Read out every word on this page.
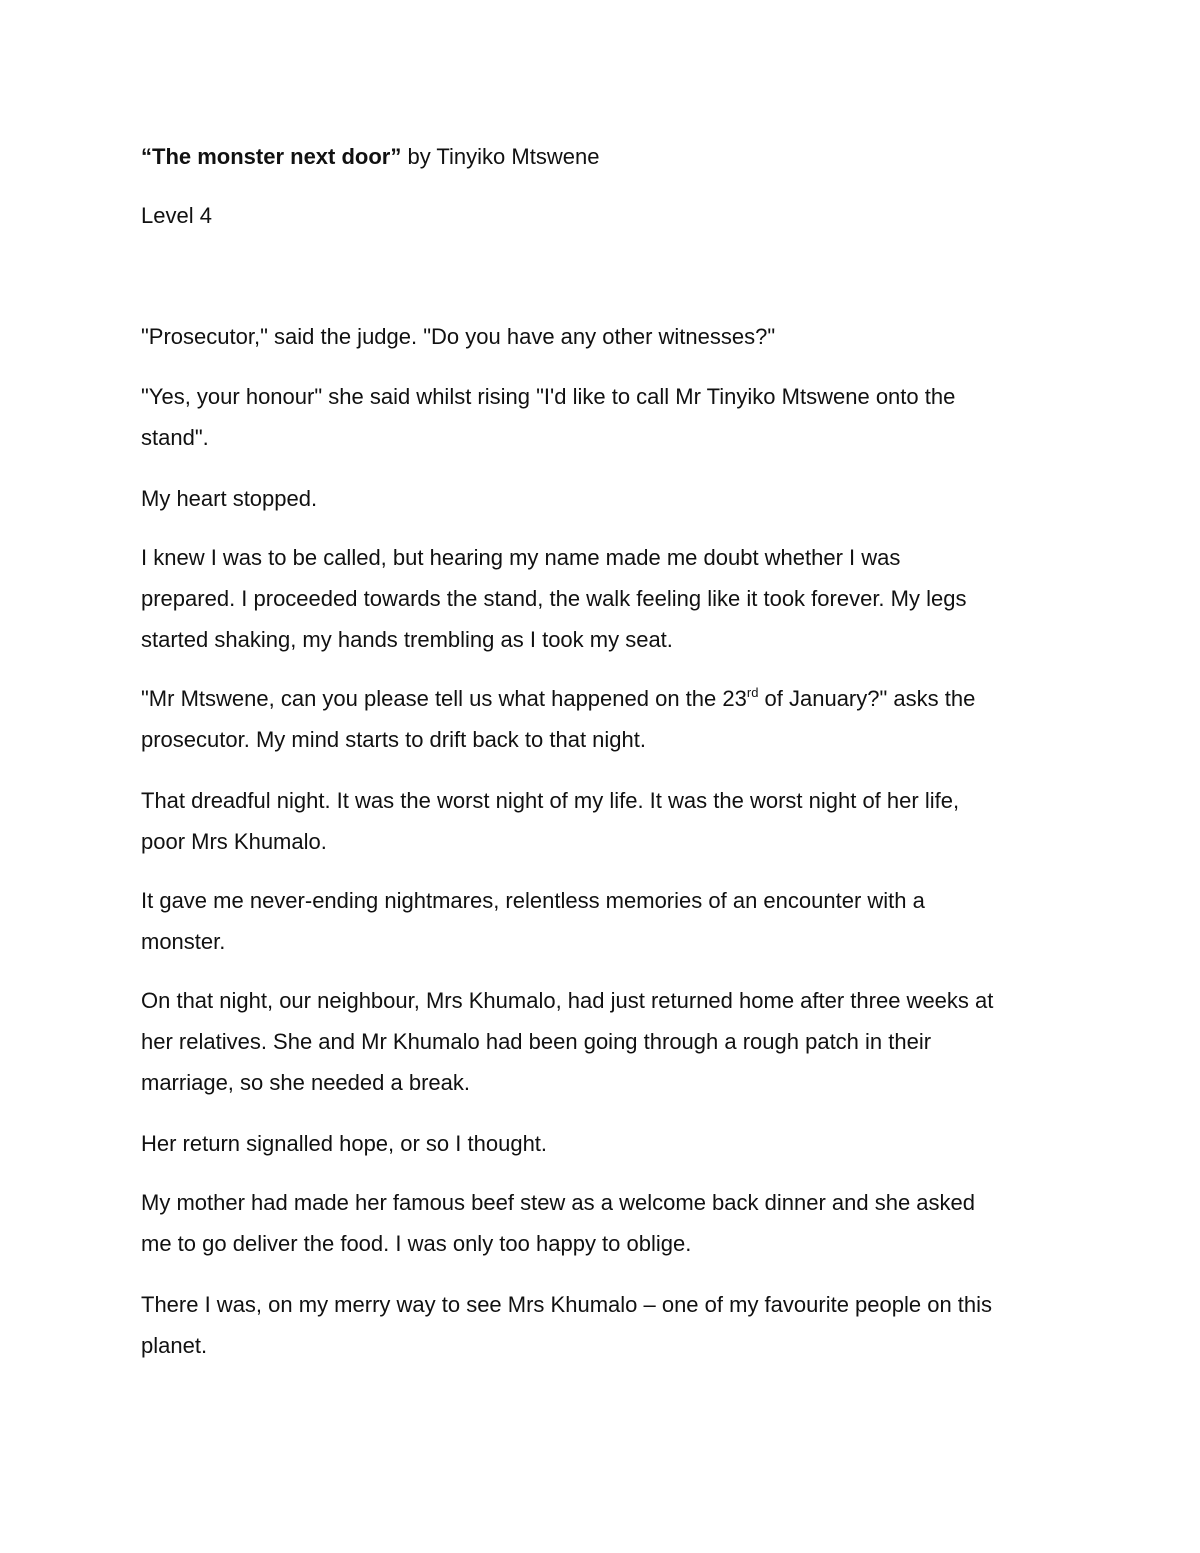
“The monster next door” by Tinyiko Mtswene
Level 4
"Prosecutor," said the judge. "Do you have any other witnesses?"
"Yes, your honour" she said whilst rising "I'd like to call Mr Tinyiko Mtswene onto the
stand".
My heart stopped.
I knew I was to be called, but hearing my name made me doubt whether I was
prepared. I proceeded towards the stand, the walk feeling like it took forever. My legs
started shaking, my hands trembling as I took my seat.
"Mr Mtswene, can you please tell us what happened on the 23rd of January?" asks the
prosecutor. My mind starts to drift back to that night.
That dreadful night. It was the worst night of my life. It was the worst night of her life,
poor Mrs Khumalo.
It gave me never-ending nightmares, relentless memories of an encounter with a
monster.
On that night, our neighbour, Mrs Khumalo, had just returned home after three weeks at
her relatives. She and Mr Khumalo had been going through a rough patch in their
marriage, so she needed a break.
Her return signalled hope, or so I thought.
My mother had made her famous beef stew as a welcome back dinner and she asked
me to go deliver the food. I was only too happy to oblige.
There I was, on my merry way to see Mrs Khumalo – one of my favourite people on this
planet.
